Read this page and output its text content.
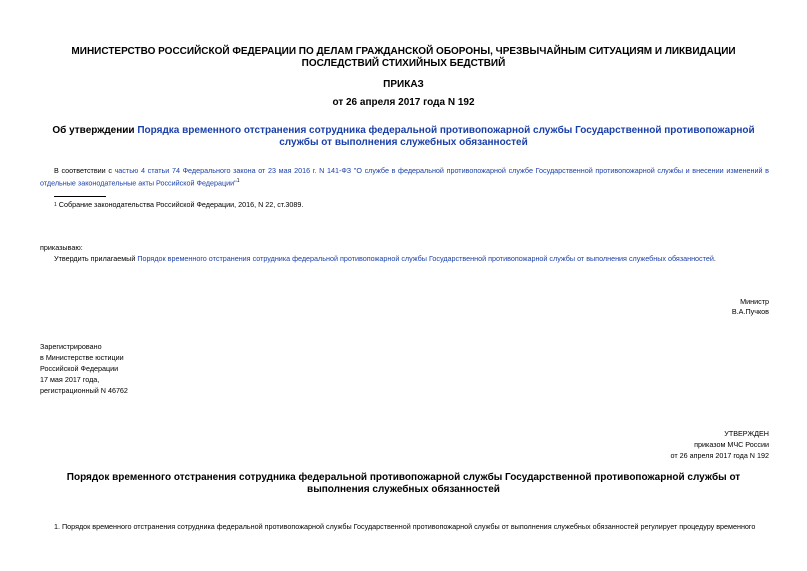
МИНИСТЕРСТВО РОССИЙСКОЙ ФЕДЕРАЦИИ ПО ДЕЛАМ ГРАЖДАНСКОЙ ОБОРОНЫ, ЧРЕЗВЫЧАЙНЫМ СИТУАЦИЯМ И ЛИКВИДАЦИИ ПОСЛЕДСТВИЙ СТИХИЙНЫХ БЕДСТВИЙ
ПРИКАЗ
от 26 апреля 2017 года N 192
Об утверждении Порядка временного отстранения сотрудника федеральной противопожарной службы Государственной противопожарной службы от выполнения служебных обязанностей
В соответствии с частью 4 статьи 74 Федерального закона от 23 мая 2016 г. N 141-ФЗ "О службе в федеральной противопожарной службе Государственной противопожарной службы и внесении изменений в отдельные законодательные акты Российской Федерации"$^1$
1 Собрание законодательства Российской Федерации, 2016, N 22, ст.3089.
приказываю:
Утвердить прилагаемый Порядок временного отстранения сотрудника федеральной противопожарной службы Государственной противопожарной службы от выполнения служебных обязанностей.
Министр
В.А.Пучков
Зарегистрировано
в Министерстве юстиции
Российской Федерации
17 мая 2017 года,
регистрационный N 46762
УТВЕРЖДЕН
приказом МЧС России
от 26 апреля 2017 года N 192
Порядок временного отстранения сотрудника федеральной противопожарной службы Государственной противопожарной службы от выполнения служебных обязанностей
1. Порядок временного отстранения сотрудника федеральной противопожарной службы Государственной противопожарной службы от выполнения служебных обязанностей регулирует процедуру временного
